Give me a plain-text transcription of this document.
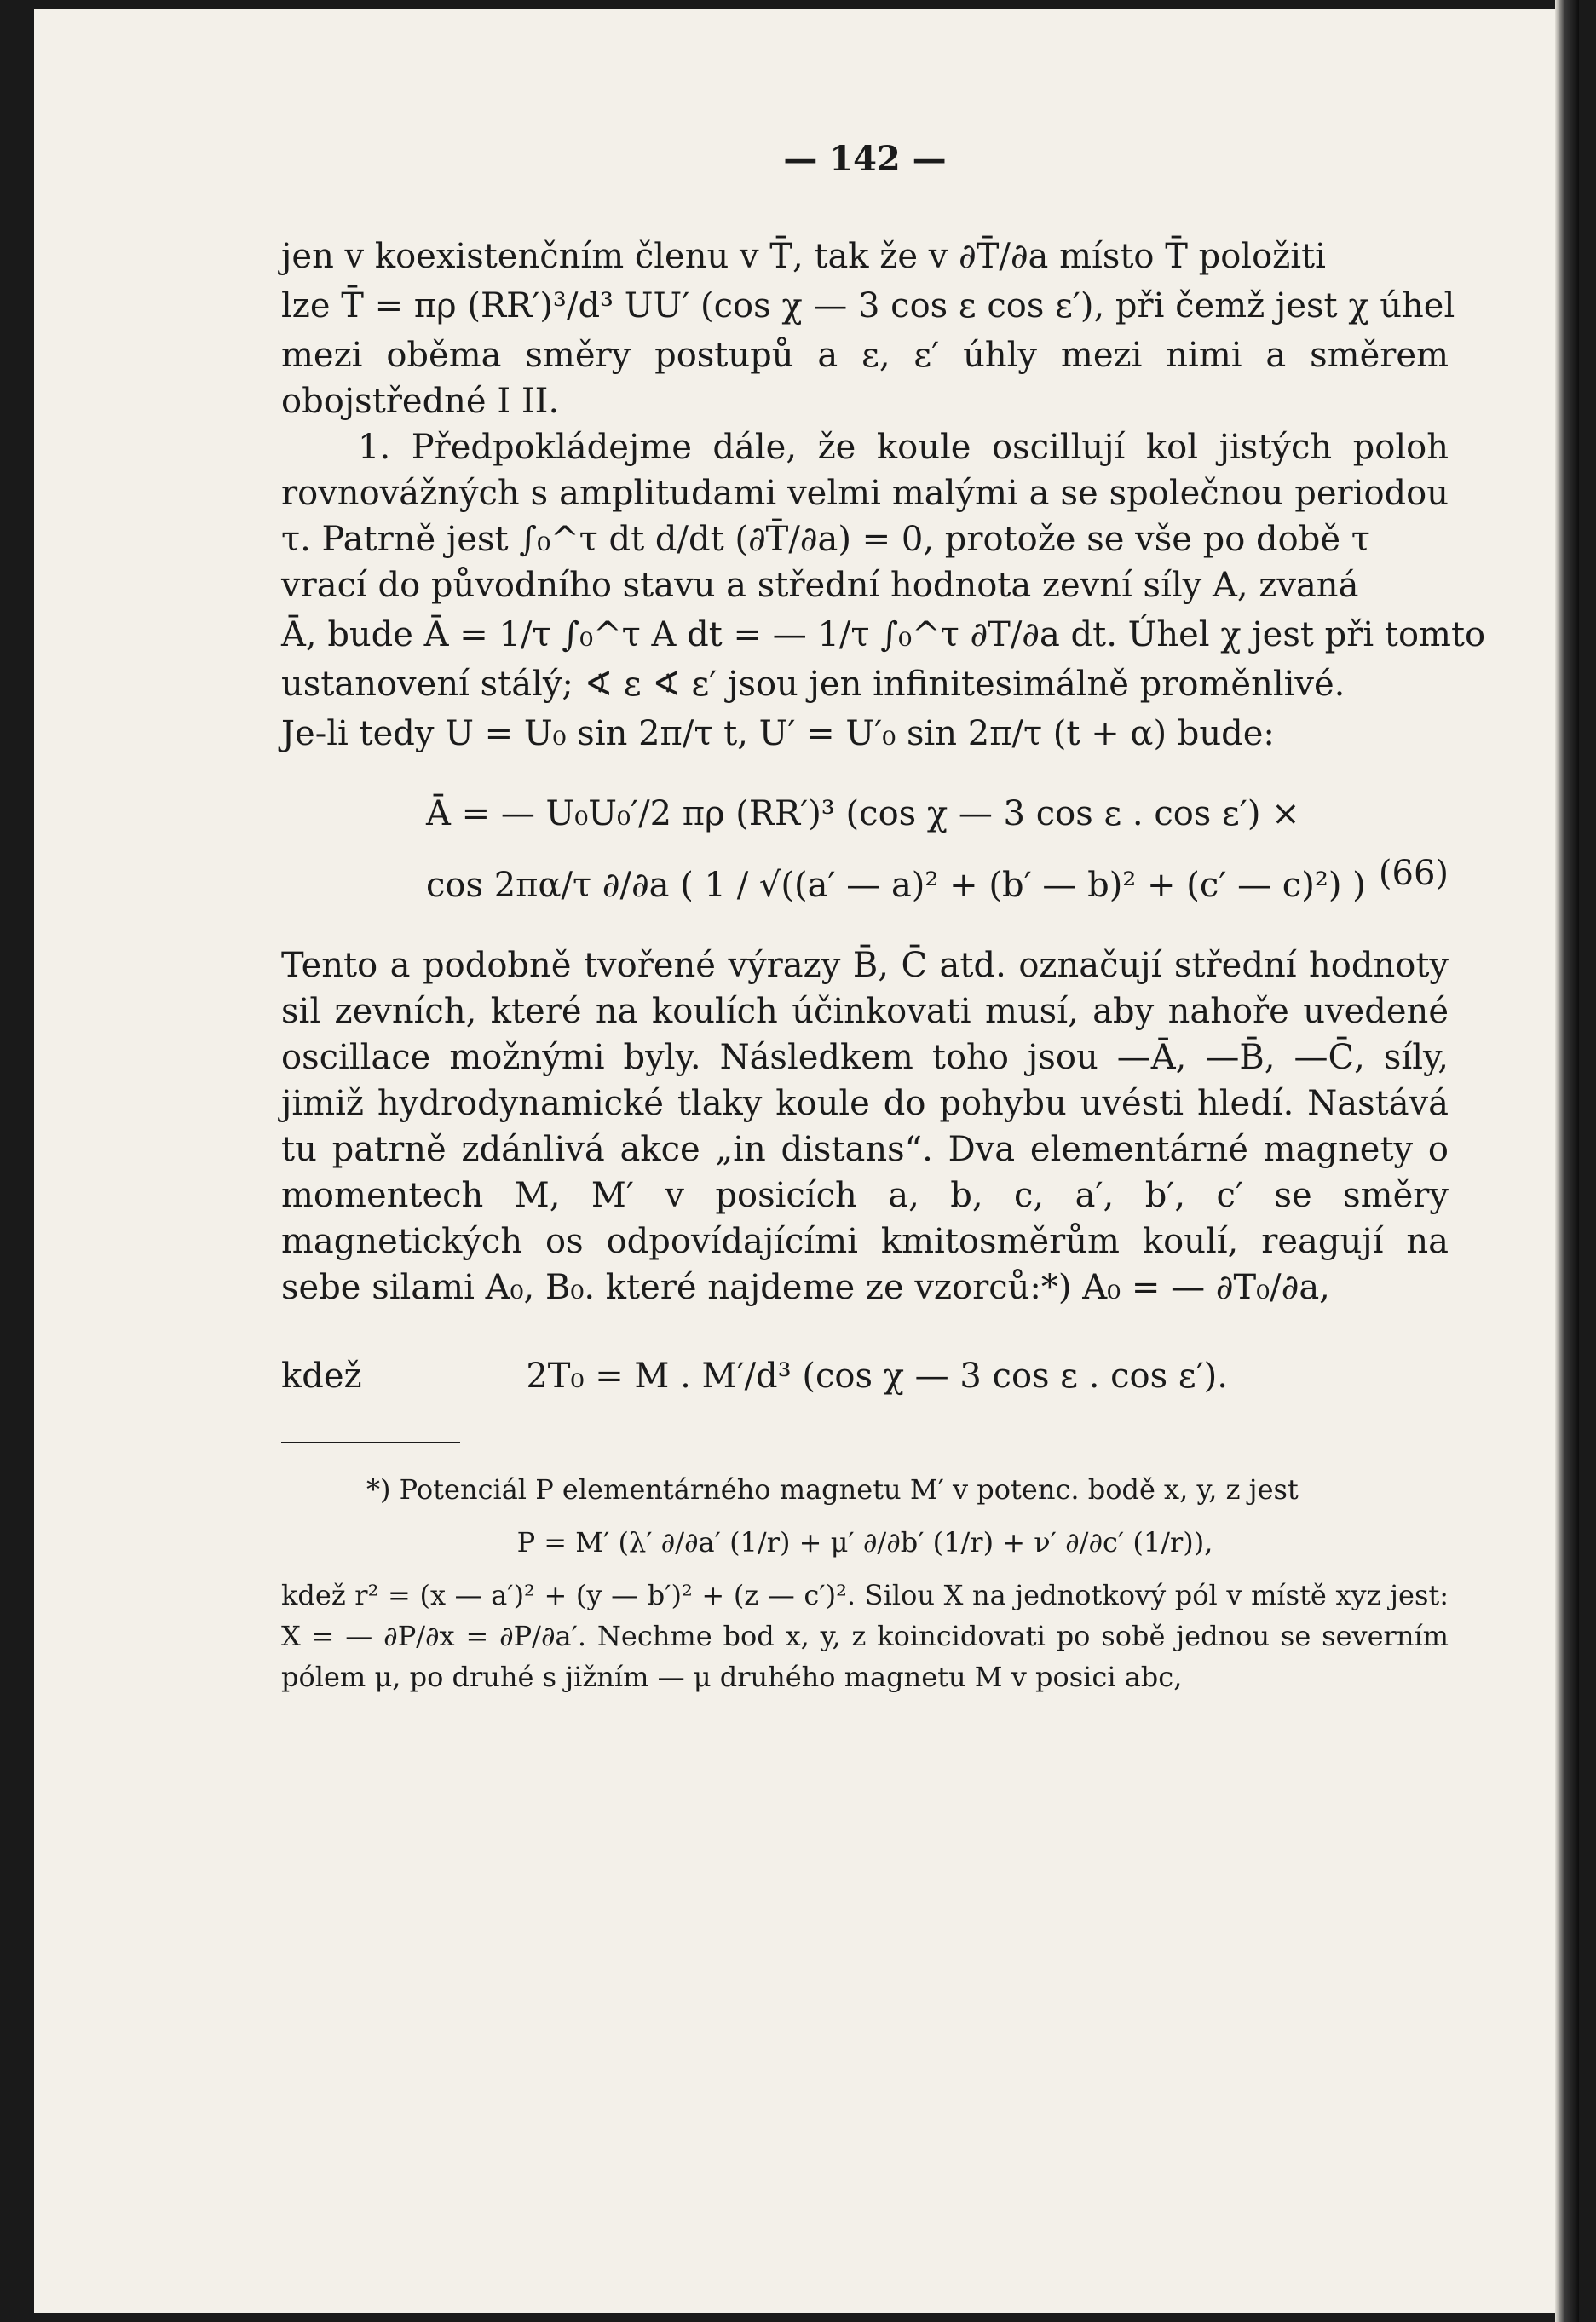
— 142 —

jen v koexistenčním členu v T̄, tak že v ∂T̄/∂a místo T̄ položiti

lze T̄ = πρ (RR′)³/d³ UU′ (cos χ — 3 cos ε cos ε′), při čemž jest χ úhel

mezi oběma směry postupů a ε, ε′ úhly mezi nimi a směrem obojstředné I II.

1. Předpokládejme dále, že koule oscillují kol jistých poloh rovnovážných s amplitudami velmi malými a se společnou periodou τ. Patrně jest ∫₀^τ dt d/dt (∂T̄/∂a) = 0, protože se vše po době τ

vrací do původního stavu a střední hodnota zevní síly A, zvaná

Ā, bude Ā = 1/τ ∫₀^τ A dt = — 1/τ ∫₀^τ ∂T/∂a dt. Úhel χ jest při tomto

ustanovení stálý; ∢ ε ∢ ε′ jsou jen infinitesimálně proměnlivé.

Je-li tedy U = U₀ sin 2π/τ t, U′ = U′₀ sin 2π/τ (t + α) bude:

Ā = — U₀U₀′/2 πρ (RR′)³ (cos χ — 3 cos ε . cos ε′) ×
cos 2πα/τ ∂/∂a ( 1 / √((a′ — a)² + (b′ — b)² + (c′ — c)²) ) (66)

Tento a podobně tvořené výrazy B̄, C̄ atd. označují střední hodnoty sil zevních, které na koulích účinkovati musí, aby nahoře uvedené oscillace možnými byly. Následkem toho jsou —Ā, —B̄, —C̄, síly, jimiž hydrodynamické tlaky koule do pohybu uvésti hledí. Nastává tu patrně zdánlivá akce „in distans“. Dva elementárné magnety o momentech M, M′ v posicích a, b, c, a′, b′, c′ se směry magnetických os odpovídajícími kmitosměrům koulí, reagují na sebe silami A₀, B₀. které najdeme ze vzorců:*) A₀ = — ∂T₀/∂a,

kdež	2T₀ = M . M′/d³ (cos χ — 3 cos ε . cos ε′).

*) Potenciál P elementárného magnetu M′ v potenc. bodě x, y, z jest

P = M′ (λ′ ∂/∂a′ (1/r) + μ′ ∂/∂b′ (1/r) + ν′ ∂/∂c′ (1/r)),

kdež r² = (x — a′)² + (y — b′)² + (z — c′)². Silou X na jednotkový pól v místě xyz jest: X = — ∂P/∂x = ∂P/∂a′. Nechme bod x, y, z koincidovati po sobě jednou se severním pólem μ, po druhé s jižním — μ druhého magnetu M v posici abc,
